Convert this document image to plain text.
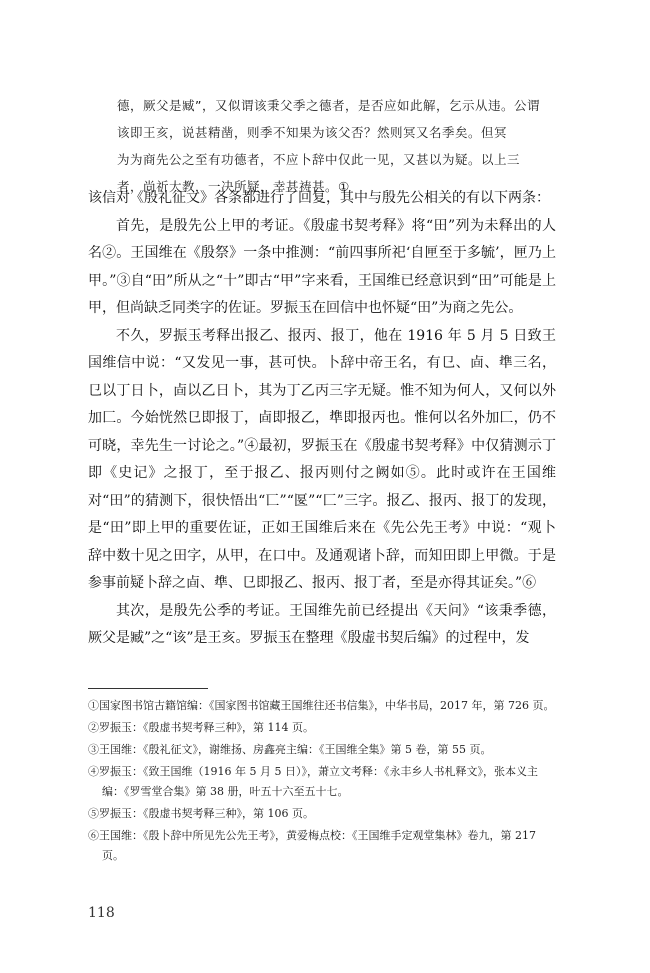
德，厥父是臧”，又似谓该秉父季之德者，是否应如此解，乞示从违。公谓

该即王亥，说甚精凿，则季不知果为该父否？然则冥又名季矣。但冥

为为商先公之至有功德者，不应卜辞中仅此一见，又甚以为疑。以上三

者，尚祈大教，一决所疑，幸甚祷甚。①

该信对《殷礼征文》各条都进行了回复，其中与殷先公相关的有以下两条：

首先，是殷先公上甲的考证。《殷虚书契考释》将“田”列为未释出的人名②。王国维在《殷祭》一条中推测：“前四事所祀‘自匣至于多毓’，匣乃上甲。”③自“田”所从之“十”即古“甲”字来看，王国维已经意识到“田”可能是上甲，但尚缺乏同类字的佐证。罗振玉在回信中也怀疑“田”为商之先公。

不久，罗振玉考释出报乙、报丙、报丁，他在 1916 年 5 月 5 日致王国维信中说：“又发见一事，甚可快。卜辞中帝王名，有㔾、㔽、㔼三名，㔾以丁日卜，㔽以乙日卜，其为丁乙丙三字无疑。惟不知为何人，又何以外加匚。今始恍然㔾即报丁，㔽即报乙，㔼即报丙也。惟何以名外加匚，仍不可晓，幸先生一讨论之。”④最初，罗振玉在《殷虚书契考释》中仅猜测示丁即《史记》之报丁，至于报乙、报丙则付之阙如⑤。此时或许在王国维对“田”的猜测下，很快悟出“匸”“匽”“匚”三字。报乙、报丙、报丁的发现，是“田”即上甲的重要佐证，正如王国维后来在《先公先王考》中说：“观卜辞中数十见之田字，从甲，在口中。及通观诸卜辞，而知田即上甲微。于是参事前疑卜辞之㔽、㔼、㔾即报乙、报丙、报丁者，至是亦得其证矣。”⑥

其次，是殷先公季的考证。王国维先前已经提出《天问》“该秉季德，厥父是臧”之“该”是王亥。罗振玉在整理《殷虚书契后编》的过程中，发

①国家图书馆古籍馆编：《国家图书馆藏王国维往还书信集》，中华书局，2017 年，第 726 页。

②罗振玉：《殷虚书契考释三种》，第 114 页。

③王国维：《殷礼征文》，谢维扬、房鑫亮主编：《王国维全集》第 5 卷，第 55 页。

④罗振玉：《致王国维（1916 年 5 月 5 日）》，萧立文考释：《永丰乡人书札释文》，张本义主编：《罗雪堂合集》第 38 册，叶五十六至五十七。

⑤罗振玉：《殷虚书契考释三种》，第 106 页。

⑥王国维：《殷卜辞中所见先公先王考》，黄爱梅点校：《王国维手定观堂集林》卷九，第 217 页。

118
